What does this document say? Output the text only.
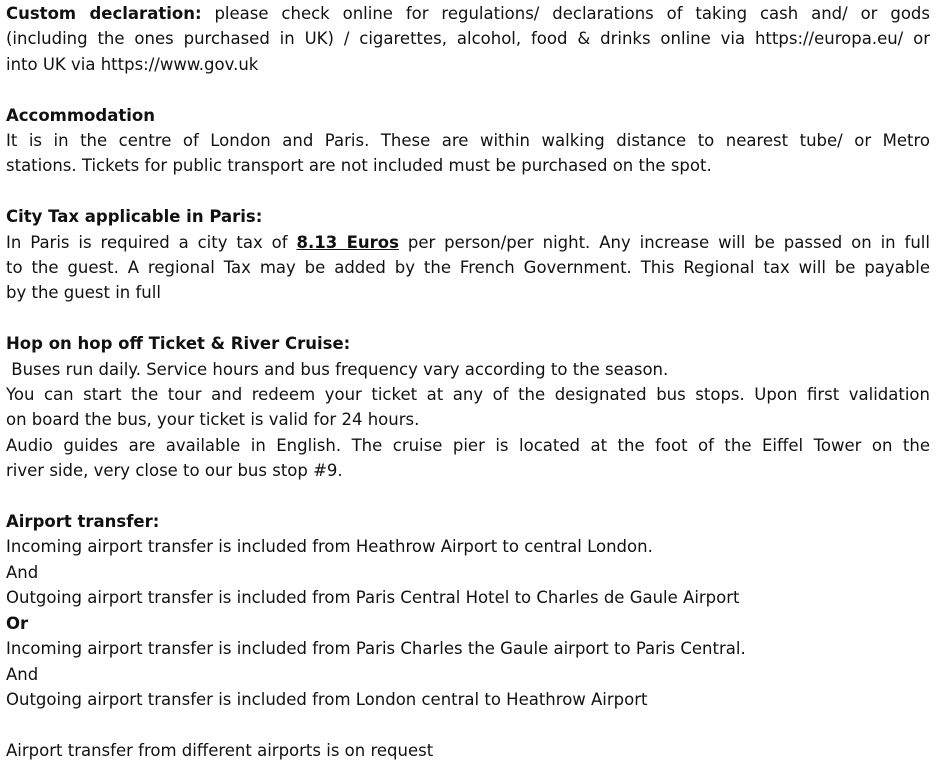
Custom declaration: please check online for regulations/ declarations of taking cash and/ or gods
(including the ones purchased in UK) / cigarettes, alcohol, food & drinks online via https://europa.eu/ or
into UK via https://www.gov.uk
Accommodation
It is in the centre of London and Paris. These are within walking distance to nearest tube/ or Metro
stations. Tickets for public transport are not included must be purchased on the spot.
City Tax applicable in Paris:
In Paris is required a city tax of 8.13 Euros per person/per night. Any increase will be passed on in full
to the guest. A regional Tax may be added by the French Government. This Regional tax will be payable
by the guest in full
Hop on hop off Ticket & River Cruise:
Buses run daily. Service hours and bus frequency vary according to the season.
You can start the tour and redeem your ticket at any of the designated bus stops. Upon first validation
on board the bus, your ticket is valid for 24 hours.
Audio guides are available in English. The cruise pier is located at the foot of the Eiffel Tower on the
river side, very close to our bus stop #9.
Airport transfer:
Incoming airport transfer is included from Heathrow Airport to central London.
And
Outgoing airport transfer is included from Paris Central Hotel to Charles de Gaule Airport
Or
Incoming airport transfer is included from Paris Charles the Gaule airport to Paris Central.
And
Outgoing airport transfer is included from London central to Heathrow Airport
Airport transfer from different airports is on request
